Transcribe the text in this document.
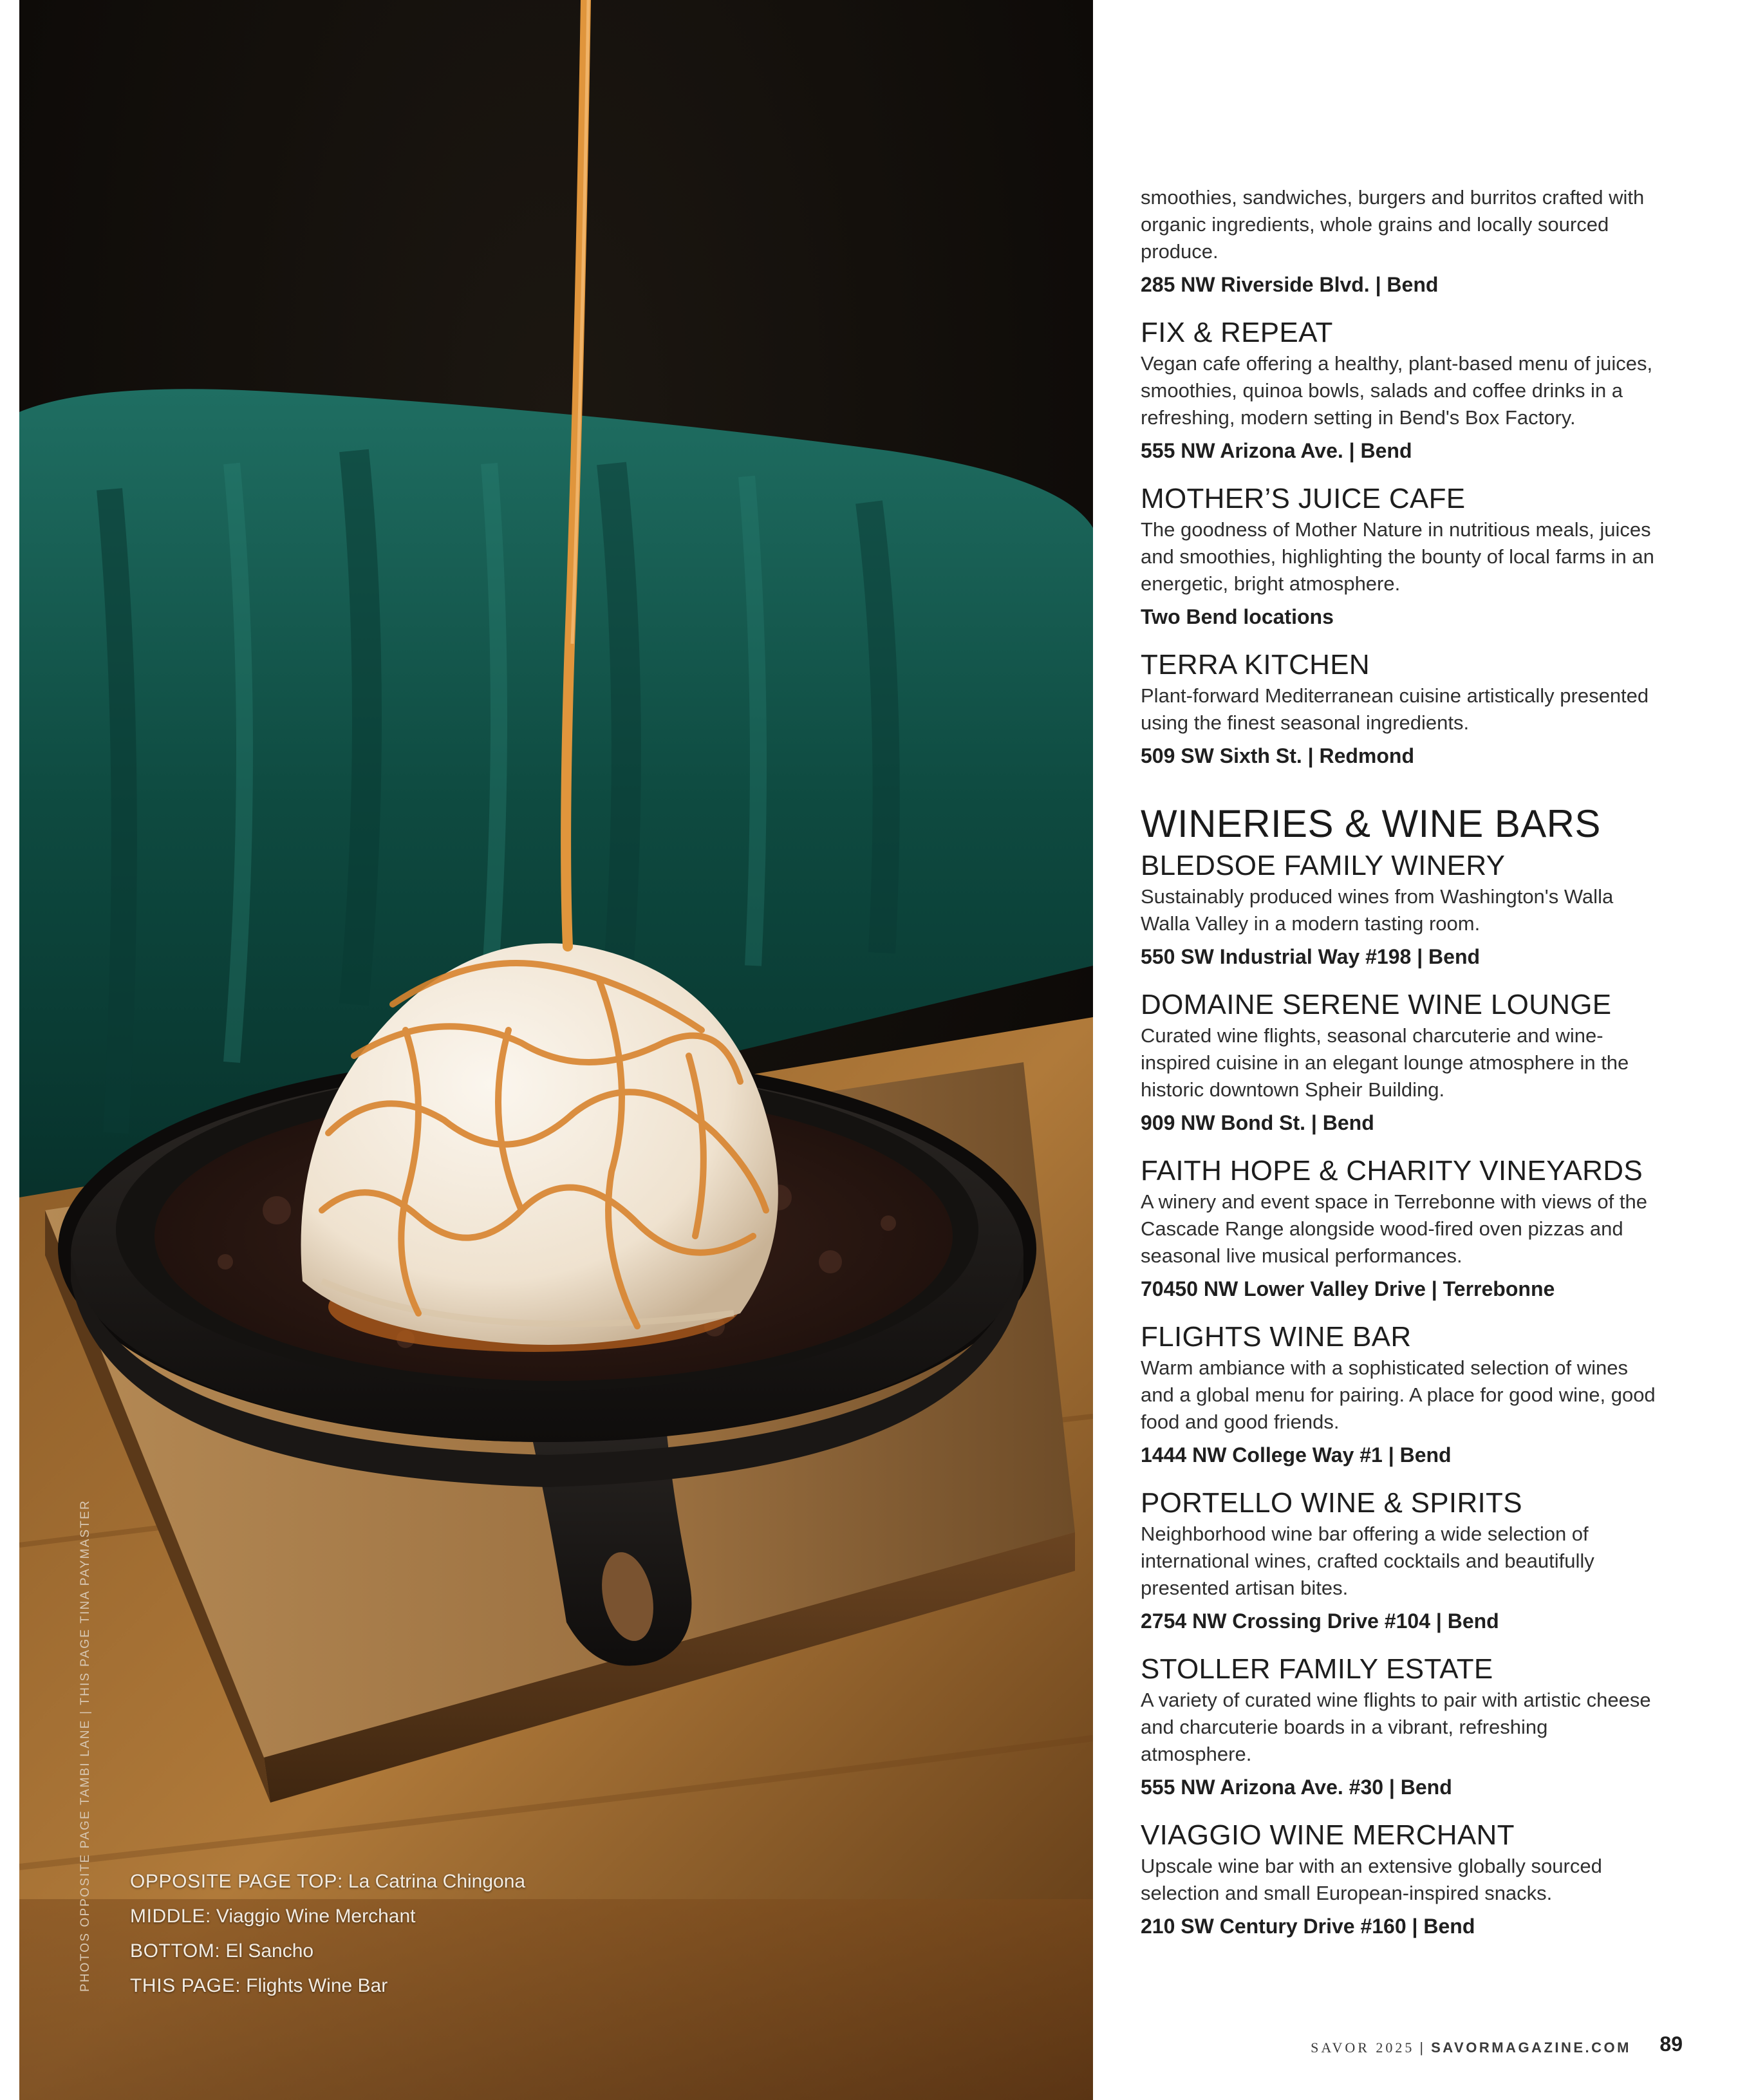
PHOTOS OPPOSITE PAGE TAMBI LANE | THIS PAGE TINA PAYMASTER OPPOSITE PAGE TOP: La Catrina Chingona
MIDDLE: Viaggio Wine Merchant
BOTTOM: El Sancho
THIS PAGE: Flights Wine Bar

smoothies, sandwiches, burgers and burritos crafted with organic ingredients, whole grains and locally sourced produce.

285 NW Riverside Blvd. | Bend

FIX & REPEAT

Vegan cafe offering a healthy, plant-based menu of juices, smoothies, quinoa bowls, salads and coffee drinks in a refreshing, modern setting in Bend's Box Factory.

555 NW Arizona Ave. | Bend

MOTHER’S JUICE CAFE

The goodness of Mother Nature in nutritious meals, juices and smoothies, highlighting the bounty of local farms in an energetic, bright atmosphere.

Two Bend locations

TERRA KITCHEN

Plant-forward Mediterranean cuisine artistically presented using the finest seasonal ingredients.

509 SW Sixth St. | Redmond

WINERIES & WINE BARS
BLEDSOE FAMILY WINERY

Sustainably produced wines from Washington's Walla Walla Valley in a modern tasting room.

550 SW Industrial Way #198 | Bend

DOMAINE SERENE WINE LOUNGE

Curated wine flights, seasonal charcuterie and wine-inspired cuisine in an elegant lounge atmosphere in the historic downtown Spheir Building.

909 NW Bond St. | Bend

FAITH HOPE & CHARITY VINEYARDS

A winery and event space in Terrebonne with views of the Cascade Range alongside wood-fired oven pizzas and seasonal live musical performances.

70450 NW Lower Valley Drive | Terrebonne

FLIGHTS WINE BAR

Warm ambiance with a sophisticated selection of wines and a global menu for pairing. A place for good wine, good food and good friends.

1444 NW College Way #1 | Bend

PORTELLO WINE & SPIRITS

Neighborhood wine bar offering a wide selection of international wines, crafted cocktails and beautifully presented artisan bites.

2754 NW Crossing Drive #104 | Bend

STOLLER FAMILY ESTATE

A variety of curated wine flights to pair with artistic cheese and charcuterie boards in a vibrant, refreshing atmosphere.

555 NW Arizona Ave. #30 | Bend

VIAGGIO WINE MERCHANT

Upscale wine bar with an extensive globally sourced selection and small European-inspired snacks.

210 SW Century Drive #160 | Bend

SAVOR 2025 | SAVORMAGAZINE.COM 89
